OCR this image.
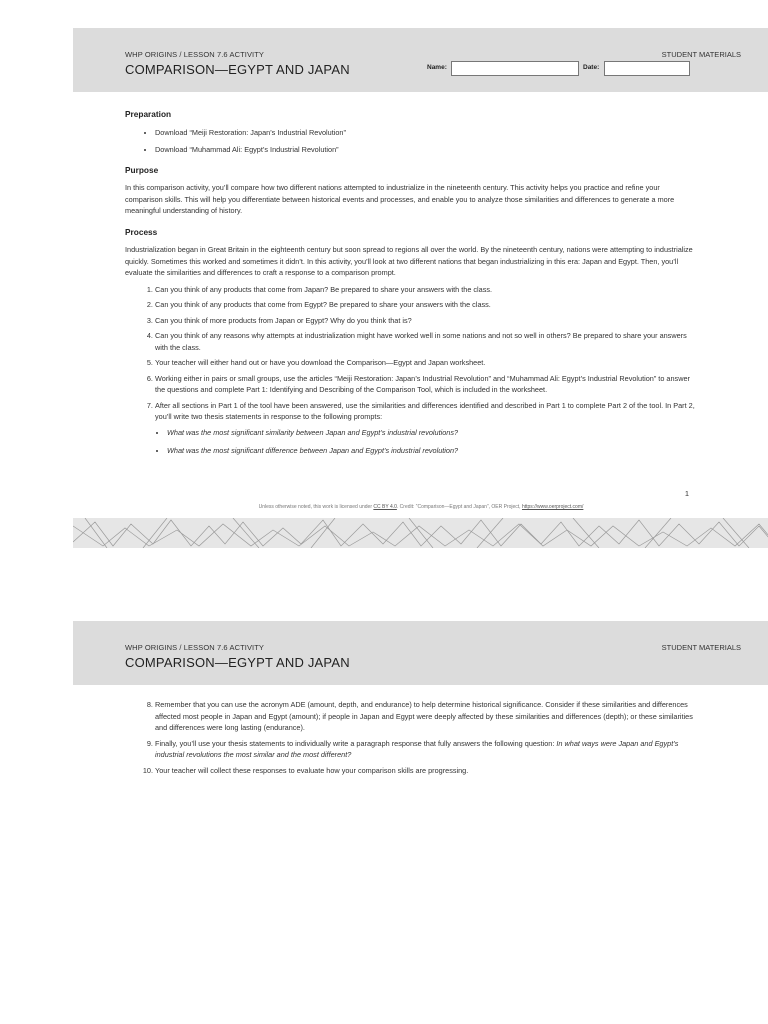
WHP ORIGINS / LESSON 7.6 ACTIVITY
COMPARISON—EGYPT AND JAPAN
STUDENT MATERIALS
Name:	Date:
Preparation
• Download “Meiji Restoration: Japan’s Industrial Revolution”
• Download “Muhammad Ali: Egypt’s Industrial Revolution”
Purpose

In this comparison activity, you’ll compare how two different nations attempted to industrialize in the nineteenth century. This activity helps you practice and refine your comparison skills. This will help you differentiate between historical events and processes, and enable you to analyze those similarities and differences to generate a more meaningful understanding of history.

Process

Industrialization began in Great Britain in the eighteenth century but soon spread to regions all over the world. By the nineteenth century, nations were attempting to industrialize quickly. Sometimes this worked and sometimes it didn’t. In this activity, you’ll look at two different nations that began industrializing in this era: Japan and Egypt. Then, you’ll evaluate the similarities and differences to craft a response to a comparison prompt.

1. Can you think of any products that come from Japan? Be prepared to share your answers with the class.
2. Can you think of any products that come from Egypt? Be prepared to share your answers with the class.
3. Can you think of more products from Japan or Egypt? Why do you think that is?
4. Can you think of any reasons why attempts at industrialization might have worked well in some nations and not so well in others? Be prepared to share your answers with the class.
5. Your teacher will either hand out or have you download the Comparison—Egypt and Japan worksheet.
6. Working either in pairs or small groups, use the articles “Meiji Restoration: Japan’s Industrial Revolution” and “Muhammad Ali: Egypt’s Industrial Revolution” to answer the questions and complete Part 1: Identifying and Describing of the Comparison Tool, which is included in the worksheet.
7. After all sections in Part 1 of the tool have been answered, use the similarities and differences identified and described in Part 1 to complete Part 2 of the tool. In Part 2, you’ll write two thesis statements in response to the following prompts:
• What was the most significant similarity between Japan and Egypt’s industrial revolutions?
• What was the most significant difference between Japan and Egypt’s industrial revolution?
1
Unless otherwise noted, this work is licensed under CC BY 4.0. Credit: “Comparison—Egypt and Japan”, OER Project, https://www.oerproject.com/
WHP ORIGINS / LESSON 7.6 ACTIVITY
COMPARISON—EGYPT AND JAPAN
STUDENT MATERIALS
8. Remember that you can use the acronym ADE (amount, depth, and endurance) to help determine historical significance. Consider if these similarities and differences affected most people in Japan and Egypt (amount); if people in Japan and Egypt were deeply affected by these similarities and differences (depth); or these similarities and differences were long lasting (endurance).
9. Finally, you’ll use your thesis statements to individually write a paragraph response that fully answers the following question: In what ways were Japan and Egypt’s industrial revolutions the most similar and the most different?
10. Your teacher will collect these responses to evaluate how your comparison skills are progressing.
